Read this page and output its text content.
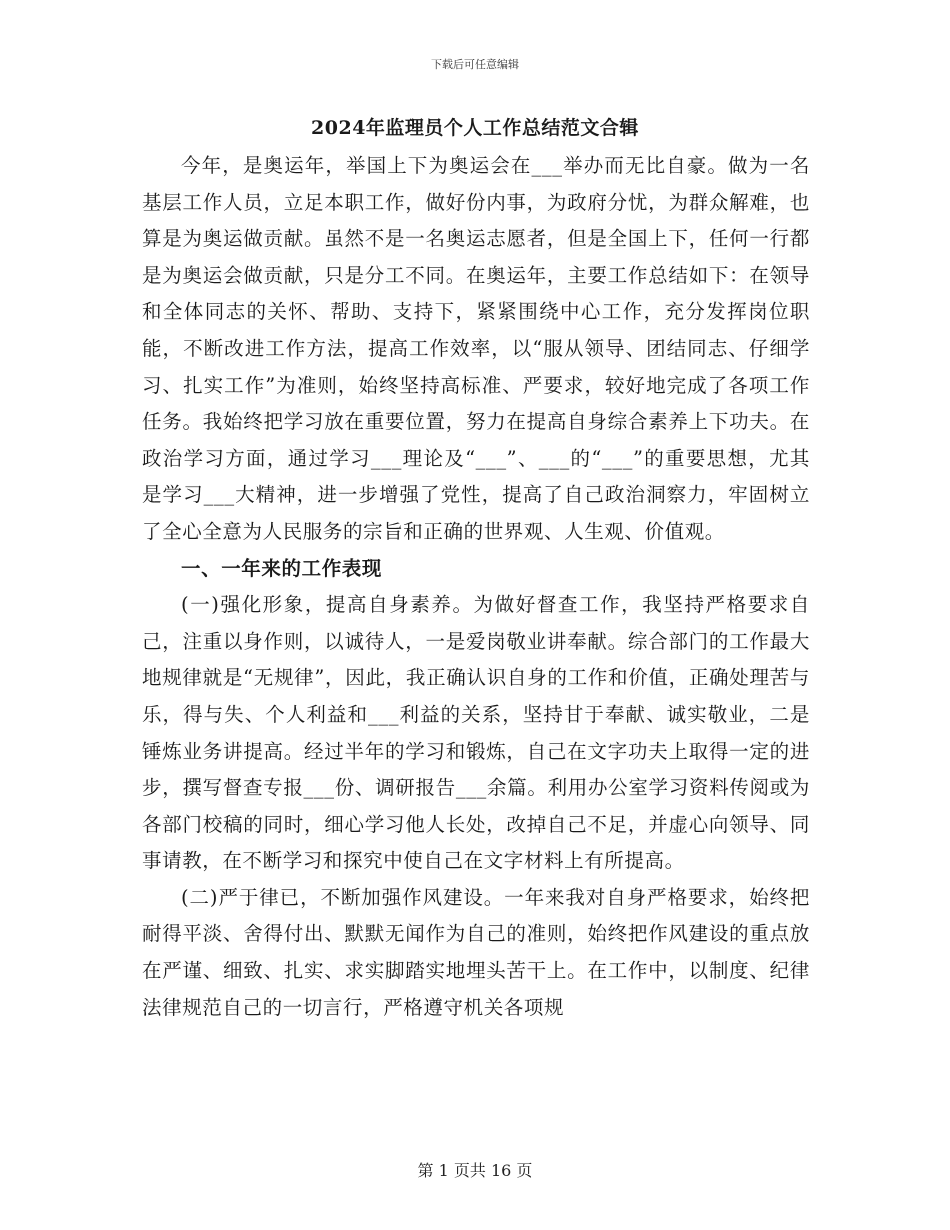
下载后可任意编辑
2024年监理员个人工作总结范文合辑

今年，是奥运年，举国上下为奥运会在___举办而无比自豪。做为一名基层工作人员，立足本职工作，做好份内事，为政府分忧，为群众解难，也算是为奥运做贡献。虽然不是一名奥运志愿者，但是全国上下，任何一行都是为奥运会做贡献，只是分工不同。在奥运年，主要工作总结如下：在领导和全体同志的关怀、帮助、支持下，紧紧围绕中心工作，充分发挥岗位职能，不断改进工作方法，提高工作效率，以“服从领导、团结同志、仔细学习、扎实工作”为准则，始终坚持高标准、严要求，较好地完成了各项工作任务。我始终把学习放在重要位置，努力在提高自身综合素养上下功夫。在政治学习方面，通过学习___理论及“___”、___的“___”的重要思想，尤其是学习___大精神，进一步增强了党性，提高了自己政治洞察力，牢固树立了全心全意为人民服务的宗旨和正确的世界观、人生观、价值观。

一、一年来的工作表现

(一)强化形象，提高自身素养。为做好督查工作，我坚持严格要求自己，注重以身作则，以诚待人，一是爱岗敬业讲奉献。综合部门的工作最大地规律就是“无规律”，因此，我正确认识自身的工作和价值，正确处理苦与乐，得与失、个人利益和___利益的关系，坚持甘于奉献、诚实敬业，二是锤炼业务讲提高。经过半年的学习和锻炼，自己在文字功夫上取得一定的进步，撰写督查专报___份、调研报告___余篇。利用办公室学习资料传阅或为各部门校稿的同时，细心学习他人长处，改掉自己不足，并虚心向领导、同事请教，在不断学习和探究中使自己在文字材料上有所提高。

(二)严于律已，不断加强作风建设。一年来我对自身严格要求，始终把耐得平淡、舍得付出、默默无闻作为自己的准则，始终把作风建设的重点放在严谨、细致、扎实、求实脚踏实地埋头苦干上。在工作中，以制度、纪律法律规范自己的一切言行，严格遵守机关各项规

第 1 页共 16 页
